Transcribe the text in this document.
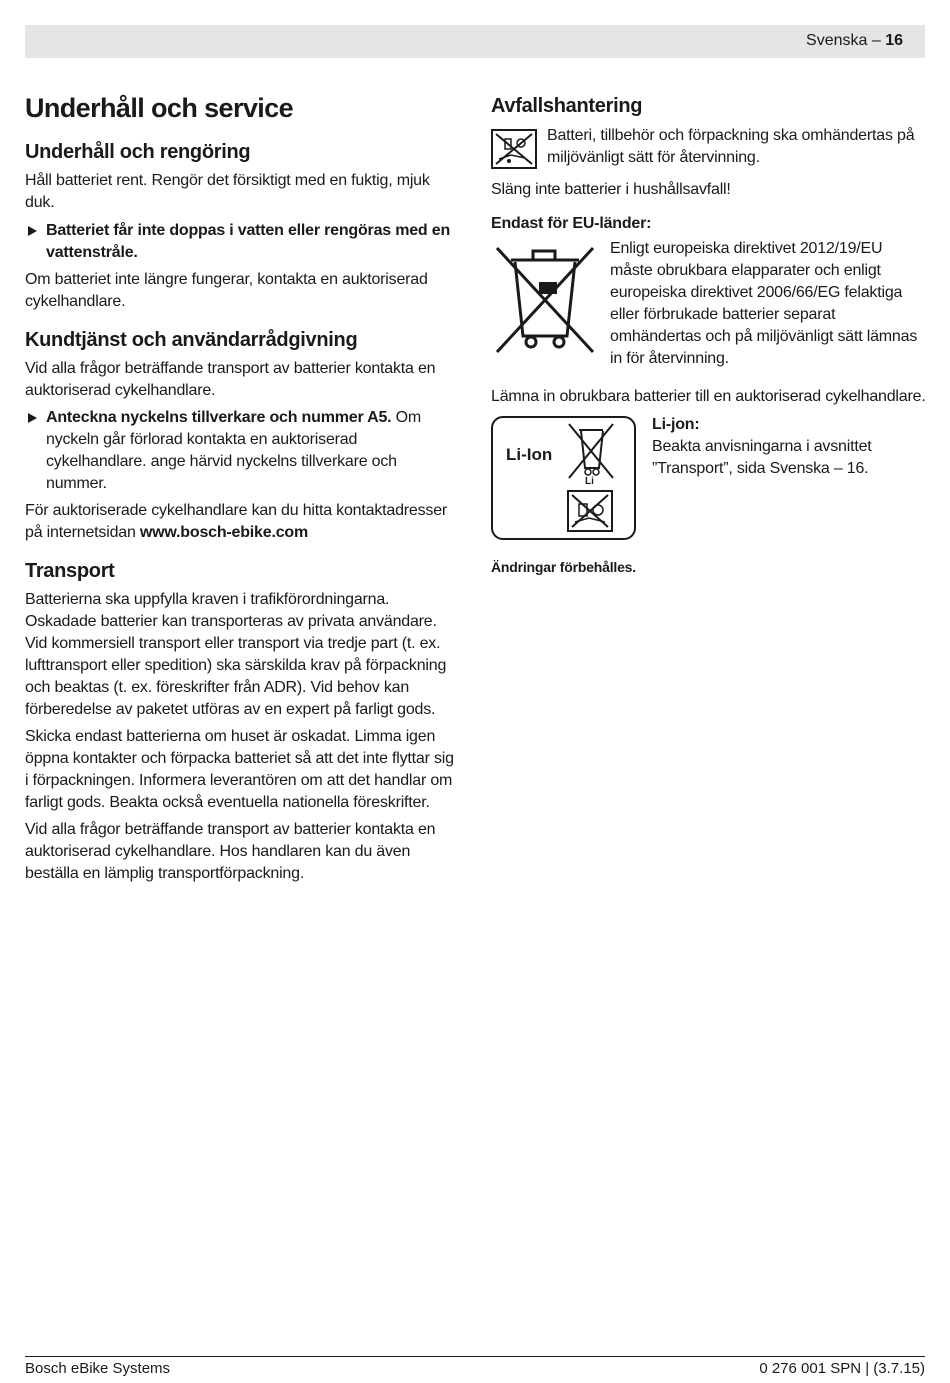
Svenska – 16
Underhåll och service
Underhåll och rengöring

Håll batteriet rent. Rengör det försiktigt med en fuktig, mjuk duk.

Batteriet får inte doppas i vatten eller rengöras med en vattenstråle.

Om batteriet inte längre fungerar, kontakta en auktoriserad cykelhandlare.

Kundtjänst och användarrådgivning

Vid alla frågor beträffande transport av batterier kontakta en auktoriserad cykelhandlare.

Anteckna nyckelns tillverkare och nummer A5. Om nyckeln går förlorad kontakta en auktoriserad cykelhandlare. ange härvid nyckelns tillverkare och nummer.

För auktoriserade cykelhandlare kan du hitta kontaktadresser på internetsidan www.bosch-ebike.com

Transport

Batterierna ska uppfylla kraven i trafikförordningarna. Oskadade batterier kan transporteras av privata användare.

Vid kommersiell transport eller transport via tredje part (t. ex. lufttransport eller spedition) ska särskilda krav på förpackning och beaktas (t. ex. föreskrifter från ADR). Vid behov kan förberedelse av paketet utföras av en expert på farligt gods.

Skicka endast batterierna om huset är oskadat. Limma igen öppna kontakter och förpacka batteriet så att det inte flyttar sig i förpackningen. Informera leverantören om att det handlar om farligt gods. Beakta också eventuella nationella föreskrifter.

Vid alla frågor beträffande transport av batterier kontakta en auktoriserad cykelhandlare. Hos handlaren kan du även beställa en lämplig transportförpackning.

Avfallshantering

Batteri, tillbehör och förpackning ska omhändertas på miljövänligt sätt för återvinning.

Släng inte batterier i hushållsavfall!

Endast för EU-länder:

Enligt europeiska direktivet 2012/19/EU måste obrukbara elapparater och enligt europeiska direktivet 2006/66/EG felaktiga eller förbrukade batterier separat omhändertas och på miljövänligt sätt lämnas in för återvinning.

Lämna in obrukbara batterier till en auktoriserad cykelhandlare.

Li-Ion
Li

Li-jon:

Beakta anvisningarna i avsnittet ”Transport”, sida Svenska – 16.

Ändringar förbehålles.

Bosch eBike Systems	0 276 001 SPN | (3.7.15)
